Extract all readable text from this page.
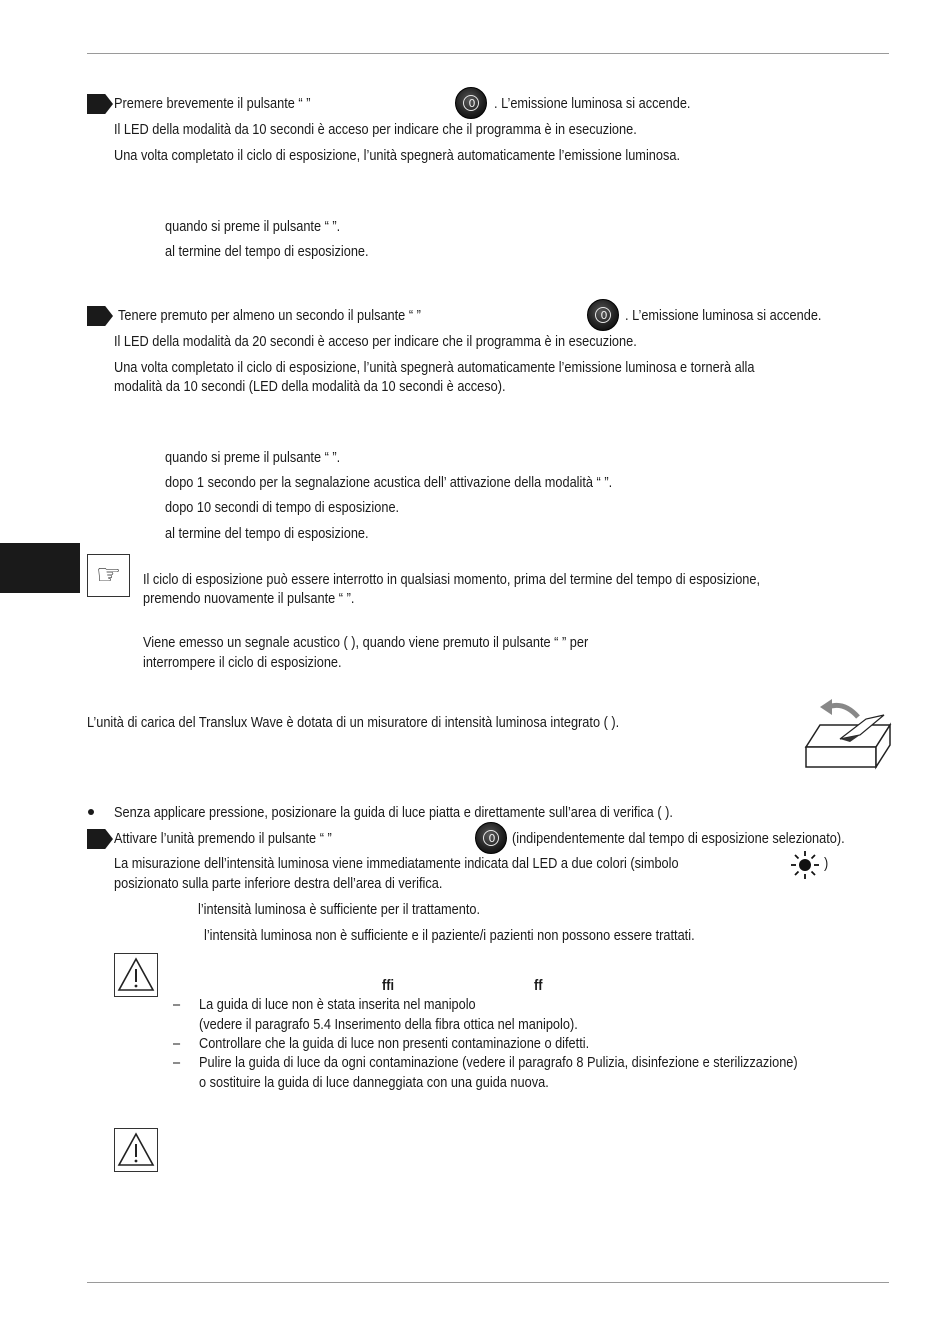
Premere brevemente il pulsante “ ”	0	. L’emissione luminosa si accende.
Il LED della modalità da 10 secondi è acceso per indicare che il programma è in esecuzione.
Una volta completato il ciclo di esposizione, l’unità spegnerà automaticamente l’emissione luminosa.
quando si preme il pulsante “ ”.
al termine del tempo di esposizione.
Tenere premuto per almeno un secondo il pulsante “ ”	0	. L’emissione luminosa si accende.
Il LED della modalità da 20 secondi è acceso per indicare che il programma è in esecuzione.
Una volta completato il ciclo di esposizione, l’unità spegnerà automaticamente l’emissione luminosa e tornerà alla
modalità da 10 secondi (LED della modalità da 10 secondi è acceso).
quando si preme il pulsante “ ”.
dopo 1 secondo per la segnalazione acustica dell’ attivazione della modalità “ ”.
dopo 10 secondi di tempo di esposizione.
al termine del tempo di esposizione.
☞	Il ciclo di esposizione può essere interrotto in qualsiasi momento, prima del termine del tempo di esposizione,
premendo nuovamente il pulsante “ ”.
Viene emesso un segnale acustico ( ), quando viene premuto il pulsante “ ” per
interrompere il ciclo di esposizione.
L’unità di carica del Translux Wave è dotata di un misuratore di intensità luminosa integrato ( ).
Senza applicare pressione, posizionare la guida di luce piatta e direttamente sull’area di verifica ( ).
Attivare l’unità premendo il pulsante “ ”	0	(indipendentemente dal tempo di esposizione selezionato).
La misurazione dell’intensità luminosa viene immediatamente indicata dal LED a due colori (simbolo	)
posizionato sulla parte inferiore destra dell’area di verifica.
l’intensità luminosa è sufficiente per il trattamento.
l’intensità luminosa non è sufficiente e il paziente/i pazienti non possono essere trattati.
ffi	ff
– La guida di luce non è stata inserita nel manipolo
(vedere il paragrafo 5.4 Inserimento della fibra ottica nel manipolo).
– Controllare che la guida di luce non presenti contaminazione o difetti.
– Pulire la guida di luce da ogni contaminazione (vedere il paragrafo 8 Pulizia, disinfezione e sterilizzazione)
o sostituire la guida di luce danneggiata con una guida nuova.
